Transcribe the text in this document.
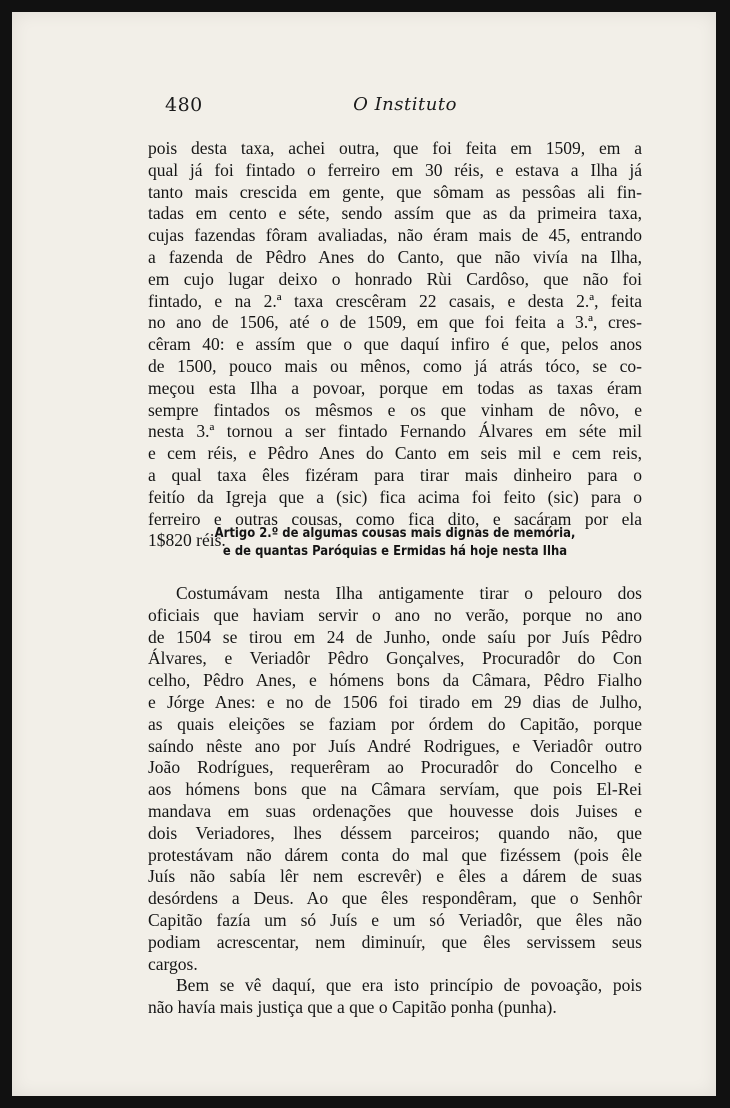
480	O Instituto
pois desta taxa, achei outra, que foi feita em 1509, em a
qual já foi fintado o ferreiro em 30 réis, e estava a Ilha já
tanto mais crescida em gente, que sômam as pessôas ali fin-
tadas em cento e séte, sendo assím que as da primeira taxa,
cujas fazendas fôram avaliadas, não éram mais de 45, entrando
a fazenda de Pêdro Anes do Canto, que não vivía na Ilha,
em cujo lugar deixo o honrado Rùi Cardôso, que não foi
fintado, e na 2.ª taxa crescêram 22 casais, e desta 2.ª, feita
no ano de 1506, até o de 1509, em que foi feita a 3.ª, cres-
cêram 40: e assím que o que daquí infiro é que, pelos anos
de 1500, pouco mais ou mênos, como já atrás tóco, se co-
meçou esta Ilha a povoar, porque em todas as taxas éram
sempre fintados os mêsmos e os que vinham de nôvo, e
nesta 3.ª tornou a ser fintado Fernando Álvares em séte mil
e cem réis, e Pêdro Anes do Canto em seis mil e cem reis,
a qual taxa êles fizéram para tirar mais dinheiro para o
feitío da Igreja que a (sic) fica acima foi feito (sic) para o
ferreiro e outras cousas, como fica dito, e sacáram por ela
1$820 réis.
Artigo 2.º de algumas cousas mais dignas de memória,
e de quantas Paróquias e Ermidas há hoje nesta Ilha
Costumávam nesta Ilha antigamente tirar o pelouro dos
oficiais que haviam servir o ano no verão, porque no ano
de 1504 se tirou em 24 de Junho, onde saíu por Juís Pêdro
Álvares, e Veriadôr Pêdro Gonçalves, Procuradôr do Con
celho, Pêdro Anes, e hómens bons da Câmara, Pêdro Fialho
e Jórge Anes: e no de 1506 foi tirado em 29 dias de Julho,
as quais eleições se faziam por órdem do Capitão, porque
saíndo nêste ano por Juís André Rodrigues, e Veriadôr outro
João Rodrígues, requerêram ao Procuradôr do Concelho e
aos hómens bons que na Câmara servíam, que pois El-Rei
mandava em suas ordenações que houvesse dois Juises e
dois Veriadores, lhes déssem parceiros; quando não, que
protestávam não dárem conta do mal que fizéssem (pois êle
Juís não sabía lêr nem escrevêr) e êles a dárem de suas
desórdens a Deus. Ao que êles respondêram, que o Senhôr
Capitão fazía um só Juís e um só Veriadôr, que êles não
podiam acrescentar, nem diminuír, que êles servissem seus
cargos.
Bem se vê daquí, que era isto princípio de povoação, pois
não havía mais justiça que a que o Capitão ponha (punha).
